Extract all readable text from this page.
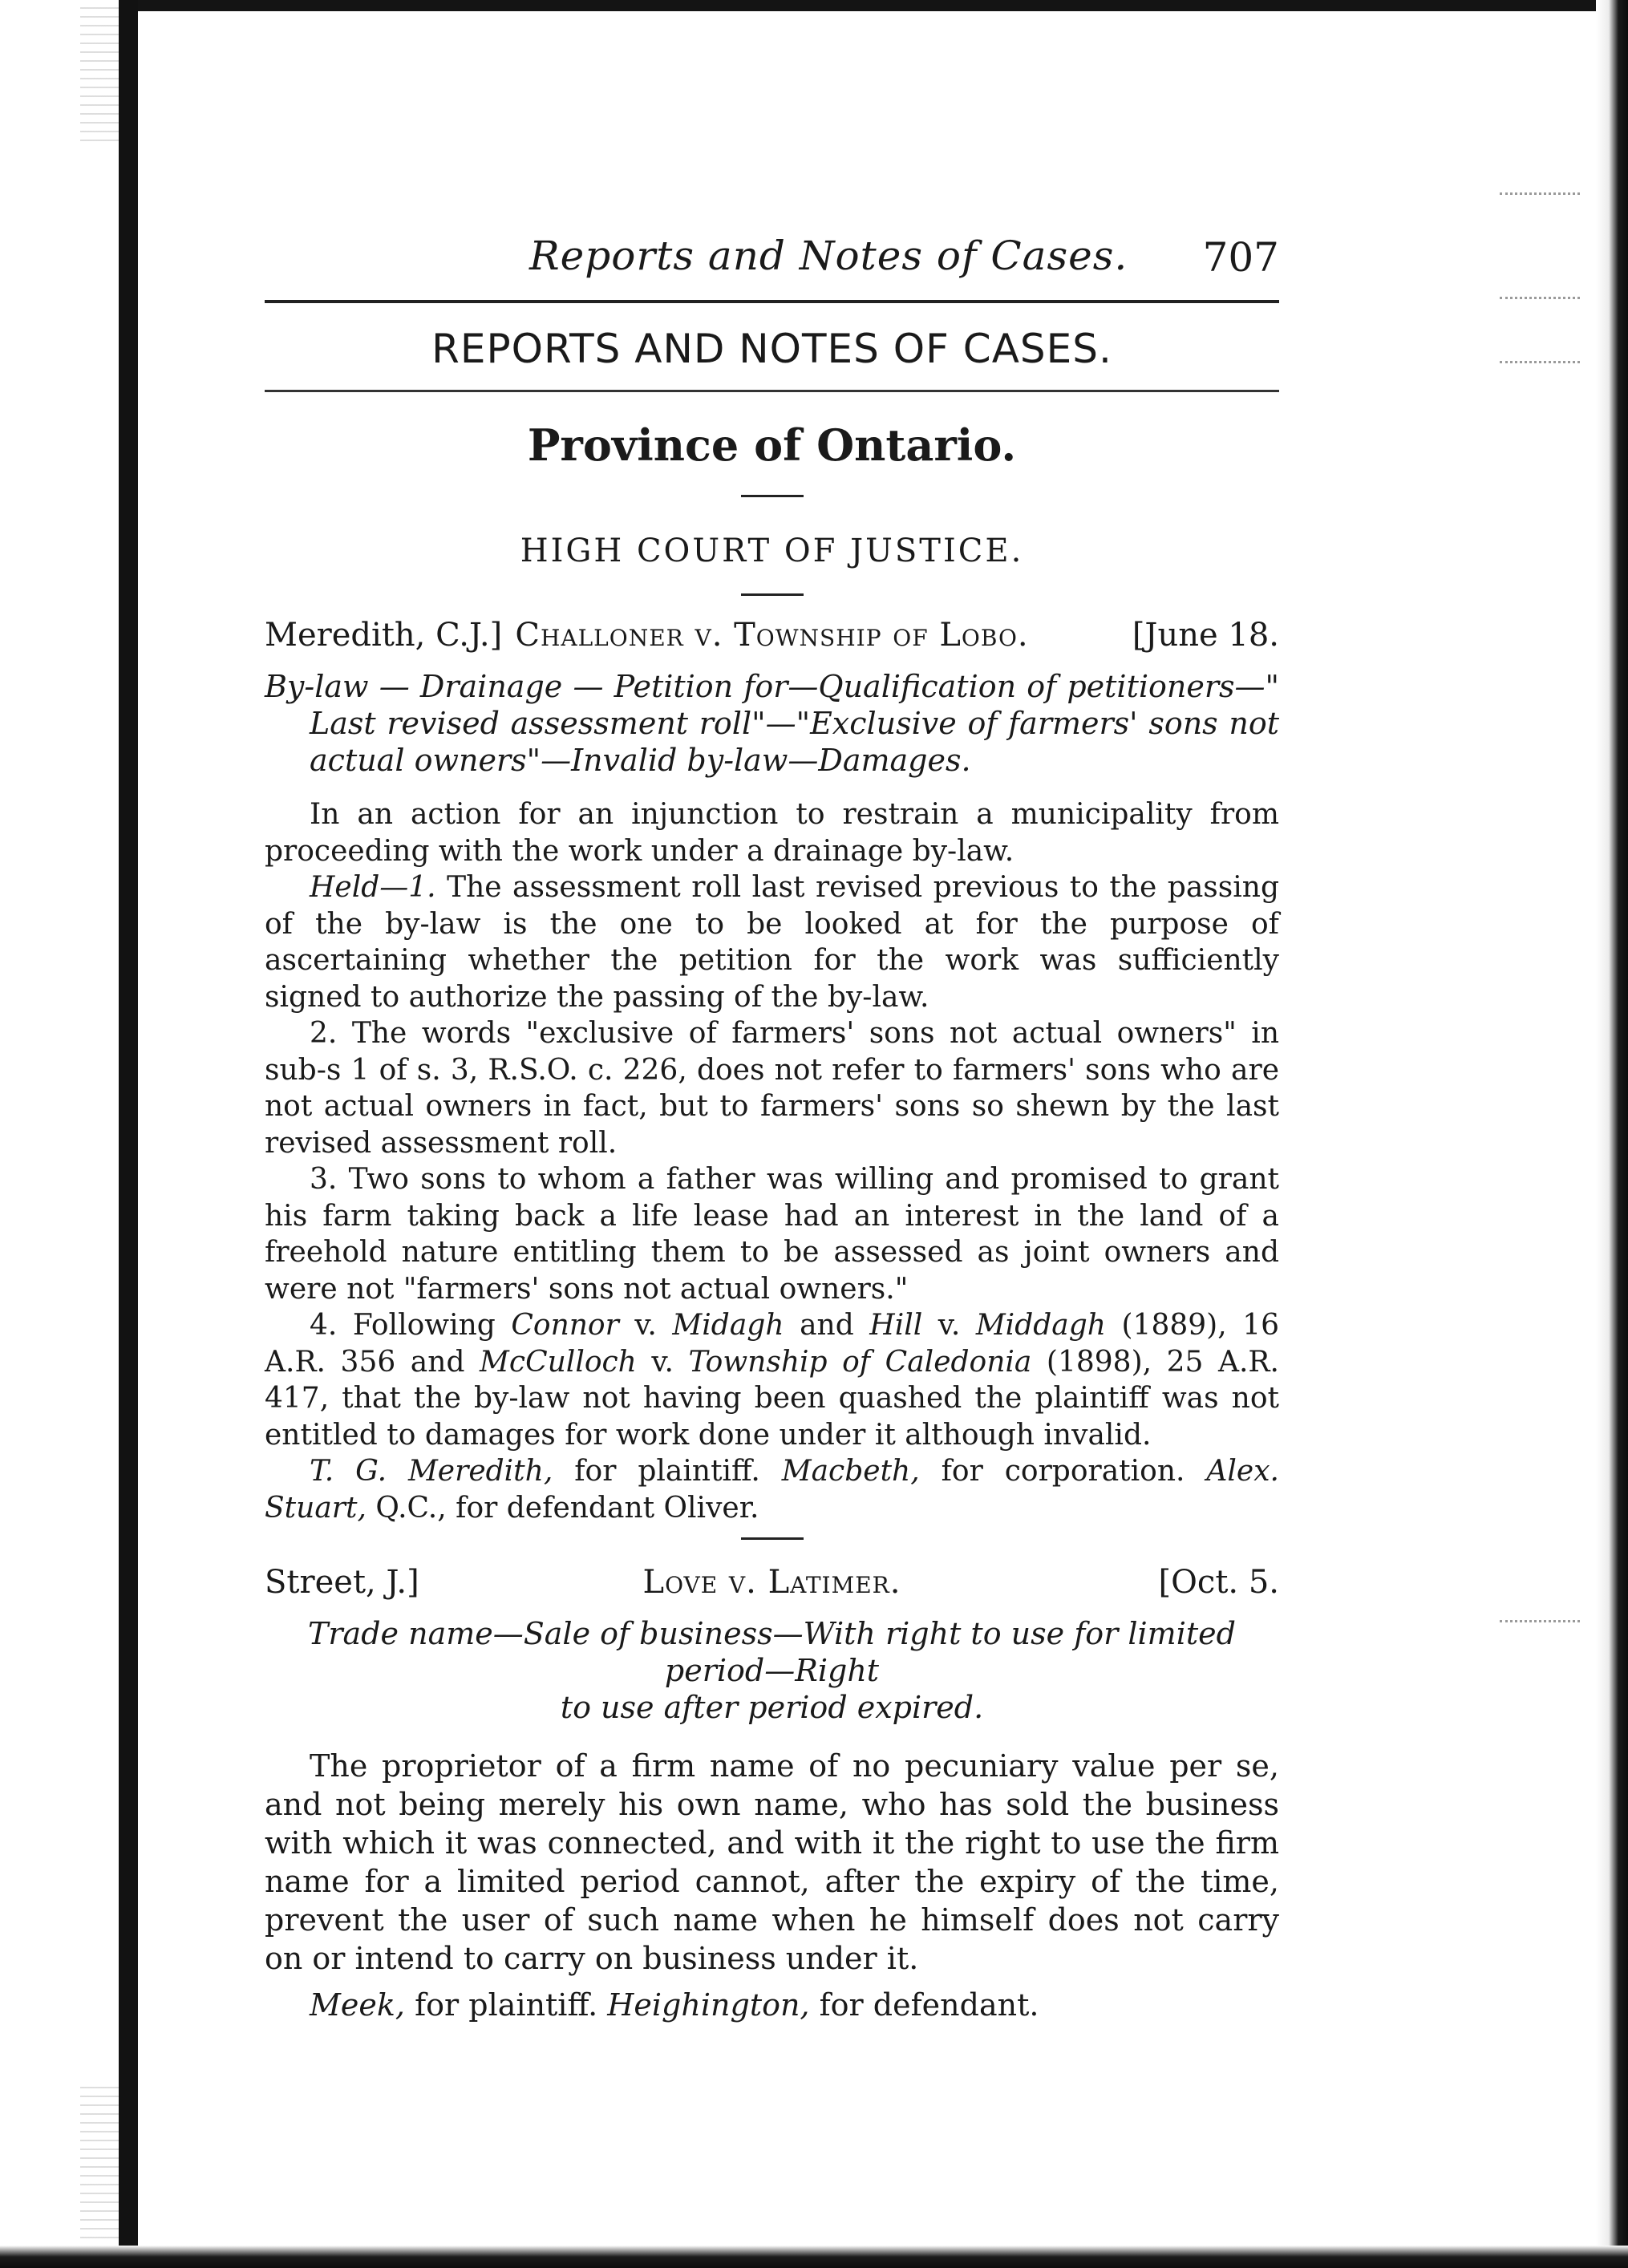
Reports and Notes of Cases. 707
REPORTS AND NOTES OF CASES.
Province of Ontario.
HIGH COURT OF JUSTICE.
Meredith, C.J.] Challoner v. Township of Lobo.	[June 18.
By-law — Drainage — Petition for—Qualification of petitioners—" Last revised assessment roll"—"Exclusive of farmers' sons not actual owners"—Invalid by-law—Damages.

In an action for an injunction to restrain a municipality from proceeding with the work under a drainage by-law.

Held—1. The assessment roll last revised previous to the passing of the by-law is the one to be looked at for the purpose of ascertaining whether the petition for the work was sufficiently signed to authorize the passing of the by-law.

2. The words "exclusive of farmers' sons not actual owners" in sub-s 1 of s. 3, R.S.O. c. 226, does not refer to farmers' sons who are not actual owners in fact, but to farmers' sons so shewn by the last revised assessment roll.

3. Two sons to whom a father was willing and promised to grant his farm taking back a life lease had an interest in the land of a freehold nature entitling them to be assessed as joint owners and were not "farmers' sons not actual owners."

4. Following Connor v. Midagh and Hill v. Middagh (1889), 16 A.R. 356 and McCulloch v. Township of Caledonia (1898), 25 A.R. 417, that the by-law not having been quashed the plaintiff was not entitled to damages for work done under it although invalid.

T. G. Meredith, for plaintiff. Macbeth, for corporation. Alex. Stuart, Q.C., for defendant Oliver.

Street, J.]	Love v. Latimer.	[Oct. 5.
Trade name—Sale of business—With right to use for limited period—Right
to use after period expired.

The proprietor of a firm name of no pecuniary value per se, and not being merely his own name, who has sold the business with which it was connected, and with it the right to use the firm name for a limited period cannot, after the expiry of the time, prevent the user of such name when he himself does not carry on or intend to carry on business under it.

Meek, for plaintiff. Heighington, for defendant.
